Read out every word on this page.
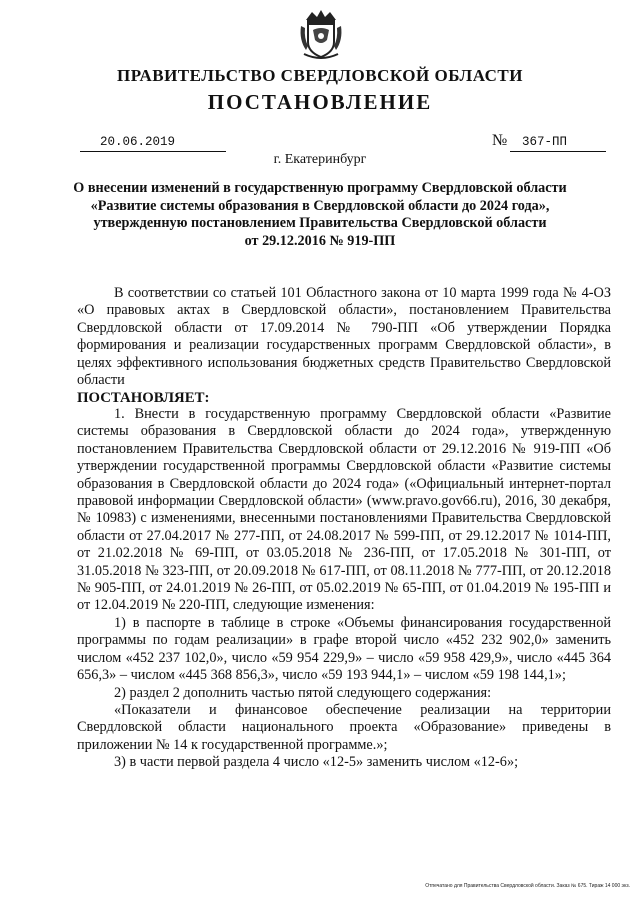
ПРАВИТЕЛЬСТВО СВЕРДЛОВСКОЙ ОБЛАСТИ
ПОСТАНОВЛЕНИЕ
20.06.2019	№ 367-ПП
г. Екатеринбург
О внесении изменений в государственную программу Свердловской области
«Развитие системы образования в Свердловской области до 2024 года»,
утвержденную постановлением Правительства Свердловской области
от 29.12.2016 № 919-ПП

В соответствии со статьей 101 Областного закона от 10 марта 1999 года № 4-ОЗ «О правовых актах в Свердловской области», постановлением Правительства Свердловской области от 17.09.2014 № 790-ПП «Об утверждении Порядка формирования и реализации государственных программ Свердловской области», в целях эффективного использования бюджетных средств Правительство Свердловской области

ПОСТАНОВЛЯЕТ:

1. Внести в государственную программу Свердловской области «Развитие системы образования в Свердловской области до 2024 года», утвержденную постановлением Правительства Свердловской области от 29.12.2016 № 919-ПП «Об утверждении государственной программы Свердловской области «Развитие системы образования в Свердловской области до 2024 года» («Официальный интернет-портал правовой информации Свердловской области» (www.pravo.gov66.ru), 2016, 30 декабря, № 10983) с изменениями, внесенными постановлениями Правительства Свердловской области от 27.04.2017 № 277-ПП, от 24.08.2017 № 599-ПП, от 29.12.2017 № 1014-ПП, от 21.02.2018 № 69-ПП, от 03.05.2018 № 236-ПП, от 17.05.2018 № 301-ПП, от 31.05.2018 № 323-ПП, от 20.09.2018 № 617-ПП, от 08.11.2018 № 777-ПП, от 20.12.2018 № 905-ПП, от 24.01.2019 № 26-ПП, от 05.02.2019 № 65-ПП, от 01.04.2019 № 195-ПП и от 12.04.2019 № 220-ПП, следующие изменения:

1) в паспорте в таблице в строке «Объемы финансирования государственной программы по годам реализации» в графе второй число «452 232 902,0» заменить числом «452 237 102,0», число «59 954 229,9» – число «59 958 429,9», число «445 364 656,3» – числом «445 368 856,3», число «59 193 944,1» – числом «59 198 144,1»;

2) раздел 2 дополнить частью пятой следующего содержания:

«Показатели и финансовое обеспечение реализации на территории Свердловской области национального проекта «Образование» приведены в приложении № 14 к государственной программе.»;

3) в части первой раздела 4 число «12-5» заменить числом «12-6»;

Отпечатано для Правительства Свердловской области. Заказ № 675. Тираж 14 000 экз.
